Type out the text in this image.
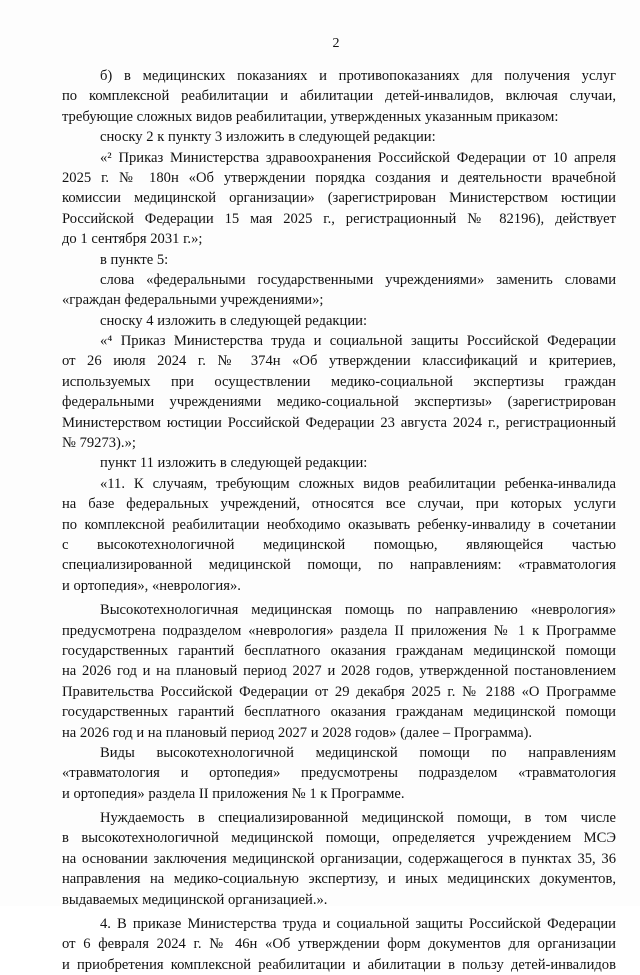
2
б) в медицинских показаниях и противопоказаниях для получения услуг
по комплексной реабилитации и абилитации детей-инвалидов, включая случаи,
требующие сложных видов реабилитации, утвержденных указанным приказом:
сноску 2 к пункту 3 изложить в следующей редакции:
«² Приказ Министерства здравоохранения Российской Федерации от 10 апреля
2025 г. № 180н «Об утверждении порядка создания и деятельности врачебной
комиссии медицинской организации» (зарегистрирован Министерством юстиции
Российской Федерации 15 мая 2025 г., регистрационный № 82196), действует
до 1 сентября 2031 г.»;
в пункте 5:
слова «федеральными государственными учреждениями» заменить словами
«граждан федеральными учреждениями»;
сноску 4 изложить в следующей редакции:
«⁴ Приказ Министерства труда и социальной защиты Российской Федерации
от 26 июля 2024 г. № 374н «Об утверждении классификаций и критериев,
используемых при осуществлении медико-социальной экспертизы граждан
федеральными учреждениями медико-социальной экспертизы» (зарегистрирован
Министерством юстиции Российской Федерации 23 августа 2024 г., регистрационный
№ 79273).»;
пункт 11 изложить в следующей редакции:
«11. К случаям, требующим сложных видов реабилитации ребенка-инвалида
на базе федеральных учреждений, относятся все случаи, при которых услуги
по комплексной реабилитации необходимо оказывать ребенку-инвалиду в сочетании
с высокотехнологичной медицинской помощью, являющейся частью
специализированной медицинской помощи, по направлениям: «травматология
и ортопедия», «неврология».
Высокотехнологичная медицинская помощь по направлению «неврология»
предусмотрена подразделом «неврология» раздела II приложения № 1 к Программе
государственных гарантий бесплатного оказания гражданам медицинской помощи
на 2026 год и на плановый период 2027 и 2028 годов, утвержденной постановлением
Правительства Российской Федерации от 29 декабря 2025 г. № 2188 «О Программе
государственных гарантий бесплатного оказания гражданам медицинской помощи
на 2026 год и на плановый период 2027 и 2028 годов» (далее – Программа).
Виды высокотехнологичной медицинской помощи по направлениям
«травматология и ортопедия» предусмотрены подразделом «травматология
и ортопедия» раздела II приложения № 1 к Программе.
Нуждаемость в специализированной медицинской помощи, в том числе
в высокотехнологичной медицинской помощи, определяется учреждением МСЭ
на основании заключения медицинской организации, содержащегося в пунктах 35, 36
направления на медико-социальную экспертизу, и иных медицинских документов,
выдаваемых медицинской организацией.».
4. В приказе Министерства труда и социальной защиты Российской Федерации
от 6 февраля 2024 г. № 46н «Об утверждении форм документов для организации
и приобретения комплексной реабилитации и абилитации в пользу детей-инвалидов
